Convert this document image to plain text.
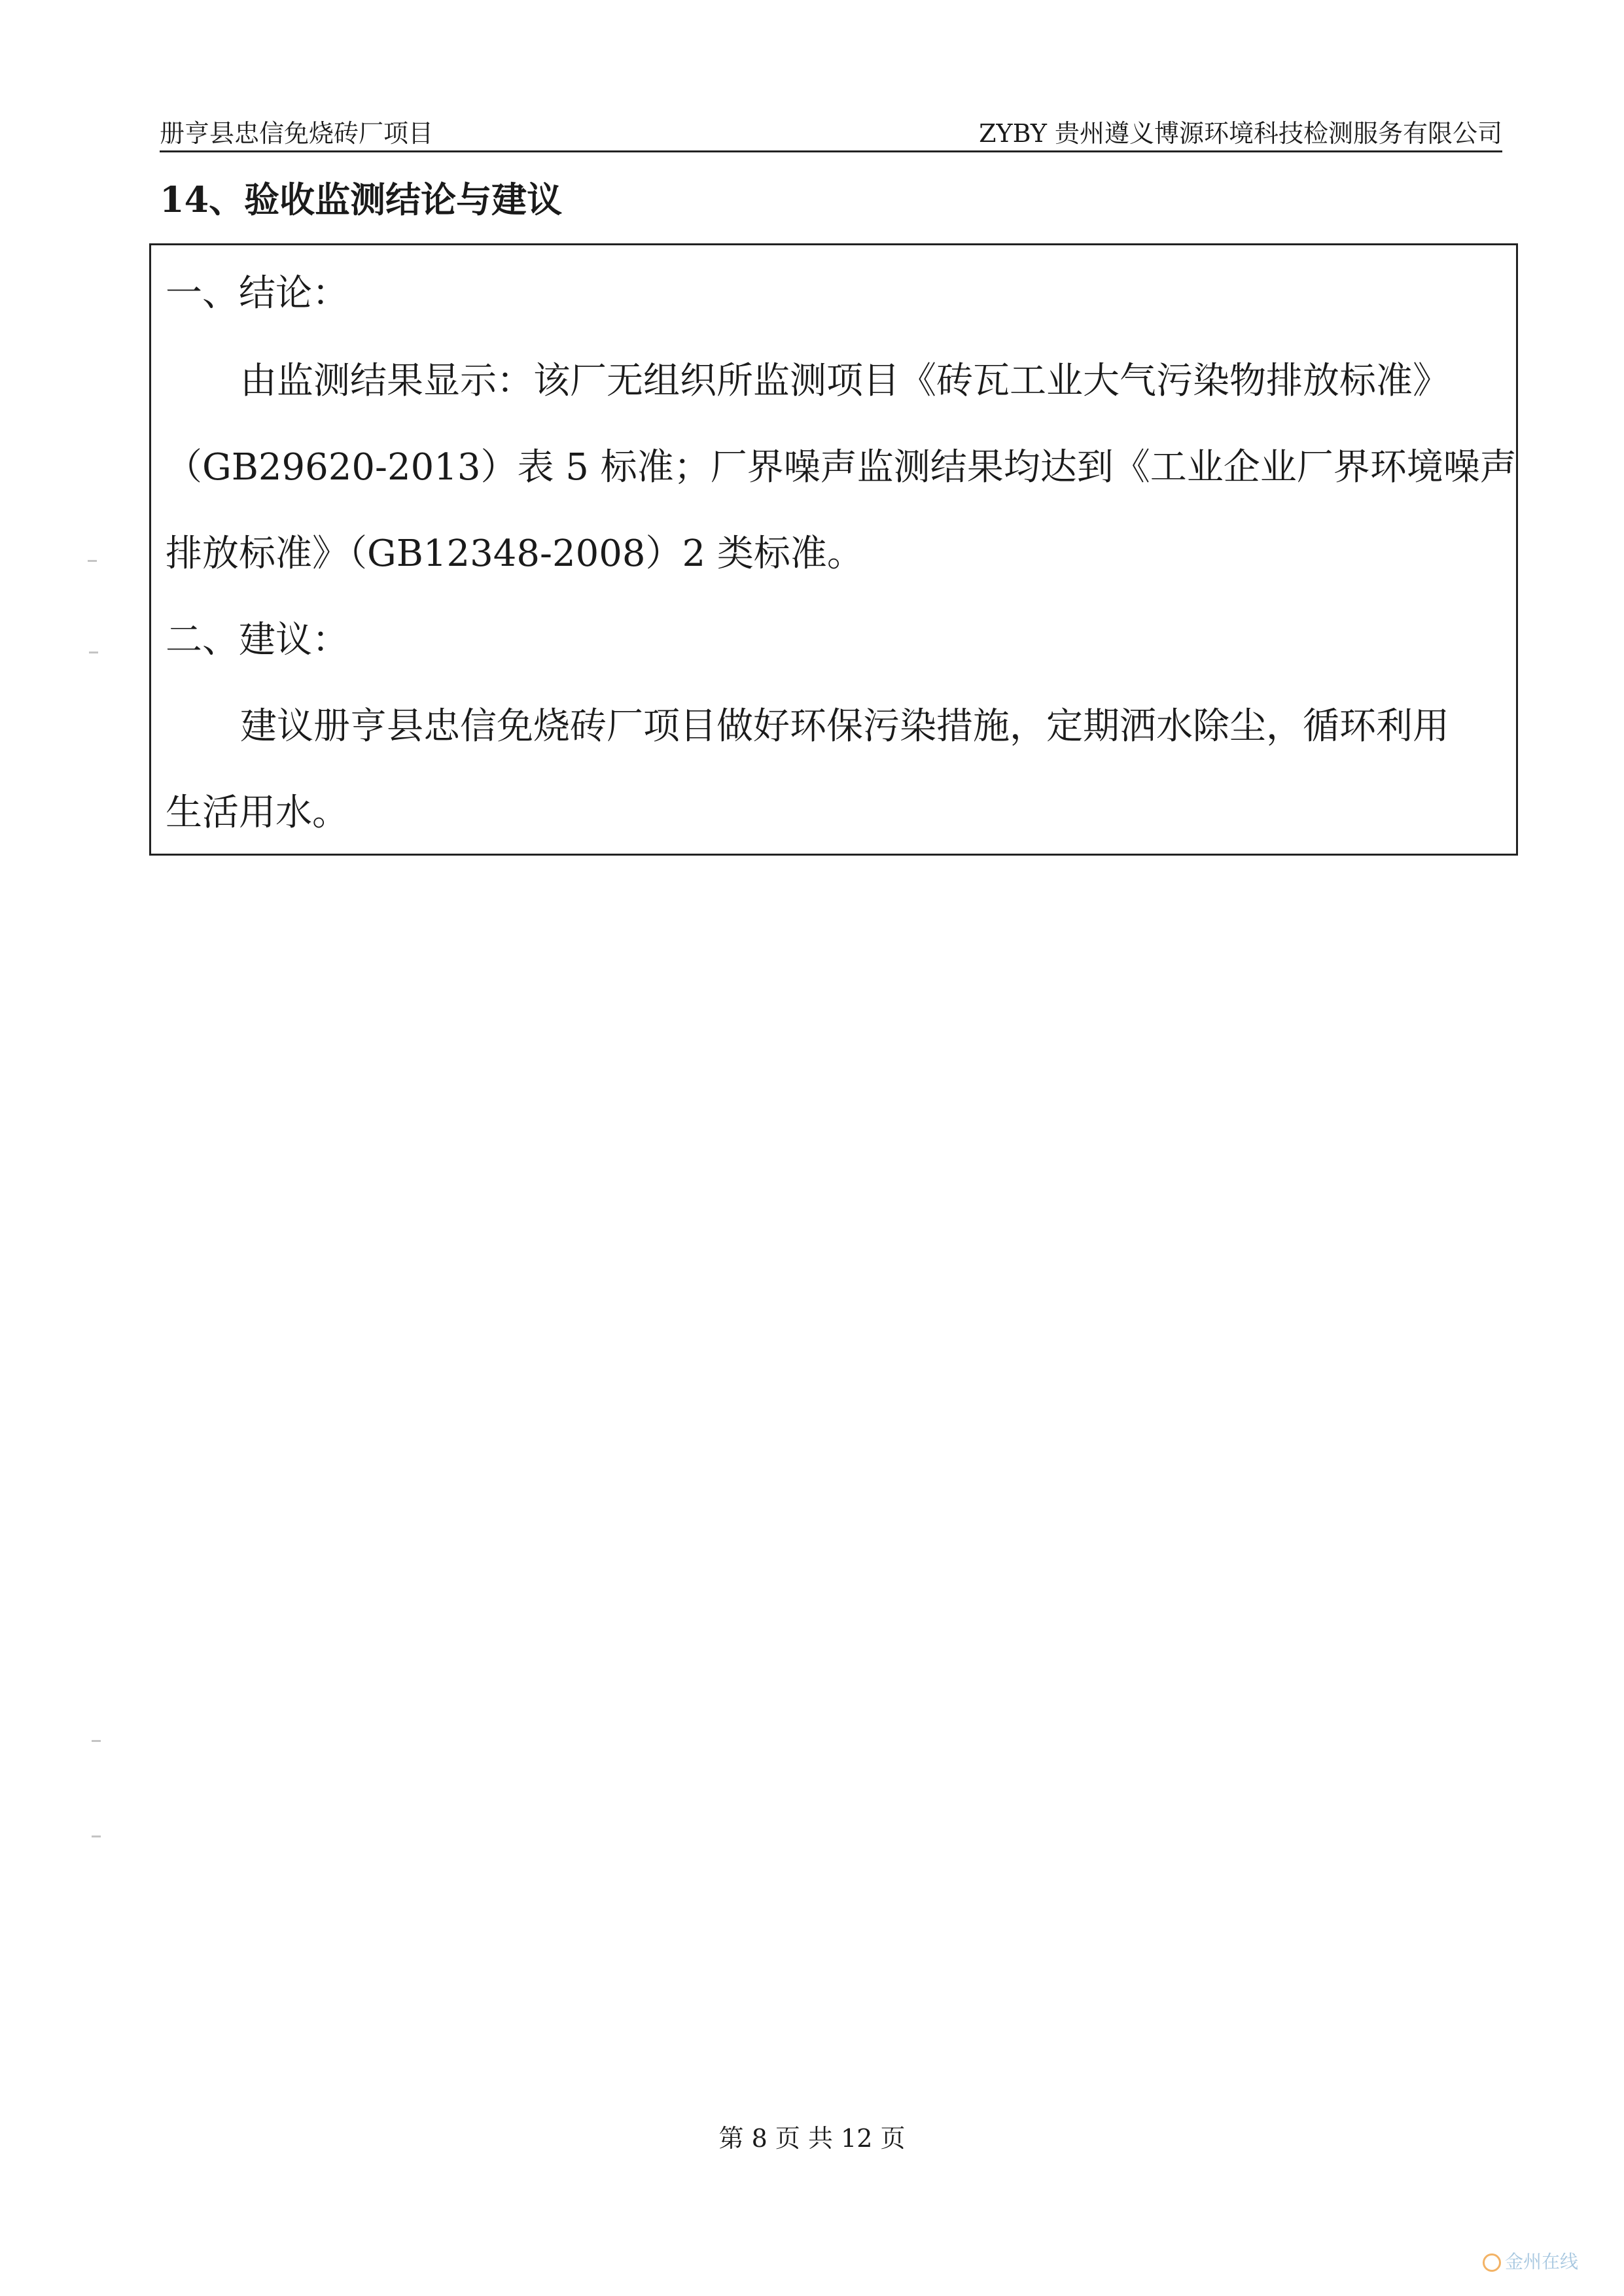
册亨县忠信免烧砖厂项目	ZYBY 贵州遵义博源环境科技检测服务有限公司
14、验收监测结论与建议
一、结论：
由监测结果显示：该厂无组织所监测项目《砖瓦工业大气污染物排放标准》
（GB29620-2013）表 5 标准；厂界噪声监测结果均达到《工业企业厂界环境噪声
排放标准》（GB12348-2008）2 类标准。
二、建议：
建议册亨县忠信免烧砖厂项目做好环保污染措施，定期洒水除尘，循环利用
生活用水。
第 8 页 共 12 页
金州在线
